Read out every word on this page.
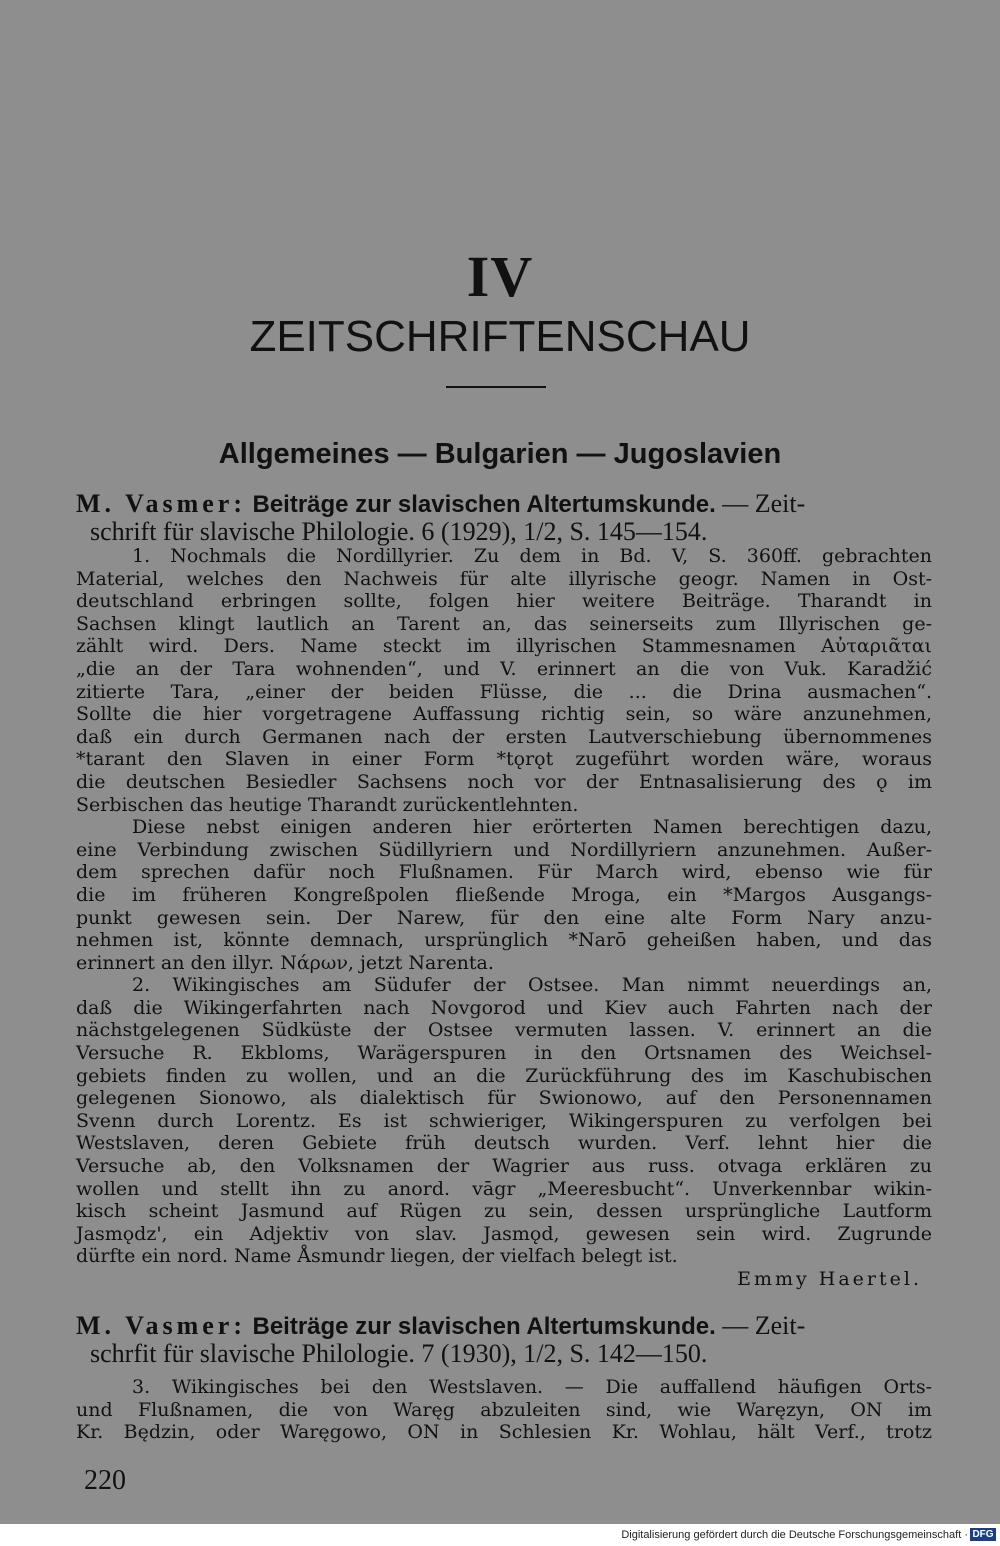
IV
ZEITSCHRIFTENSCHAU
Allgemeines — Bulgarien — Jugoslavien
M. Vasmer: Beiträge zur slavischen Altertumskunde. — Zeit-
schrift für slavische Philologie. 6 (1929), 1/2, S. 145—154.
1. Nochmals die Nordillyrier. Zu dem in Bd. V, S. 360ff. gebrachten
Material, welches den Nachweis für alte illyrische geogr. Namen in Ost-
deutschland erbringen sollte, folgen hier weitere Beiträge. Tharandt in
Sachsen klingt lautlich an Tarent an, das seinerseits zum Illyrischen ge-
zählt wird. Ders. Name steckt im illyrischen Stammesnamen Αὐταριᾶται
„die an der Tara wohnenden“, und V. erinnert an die von Vuk. Karadžić
zitierte Tara, „einer der beiden Flüsse, die ... die Drina ausmachen“.
Sollte die hier vorgetragene Auffassung richtig sein, so wäre anzunehmen,
daß ein durch Germanen nach der ersten Lautverschiebung übernommenes
*tarant den Slaven in einer Form *tǫrǫt zugeführt worden wäre, woraus
die deutschen Besiedler Sachsens noch vor der Entnasalisierung des ǫ im
Serbischen das heutige Tharandt zurückentlehnten.
Diese nebst einigen anderen hier erörterten Namen berechtigen dazu,
eine Verbindung zwischen Südillyriern und Nordillyriern anzunehmen. Außer-
dem sprechen dafür noch Flußnamen. Für March wird, ebenso wie für
die im früheren Kongreßpolen fließende Mroga, ein *Margos Ausgangs-
punkt gewesen sein. Der Narew, für den eine alte Form Nary anzu-
nehmen ist, könnte demnach, ursprünglich *Narō geheißen haben, und das
erinnert an den illyr. Νάρων, jetzt Narenta.
2. Wikingisches am Südufer der Ostsee. Man nimmt neuerdings an,
daß die Wikingerfahrten nach Novgorod und Kiev auch Fahrten nach der
nächstgelegenen Südküste der Ostsee vermuten lassen. V. erinnert an die
Versuche R. Ekbloms, Warägerspuren in den Ortsnamen des Weichsel-
gebiets finden zu wollen, und an die Zurückführung des im Kaschubischen
gelegenen Sionowo, als dialektisch für Swionowo, auf den Personennamen
Svenn durch Lorentz. Es ist schwieriger, Wikingerspuren zu verfolgen bei
Westslaven, deren Gebiete früh deutsch wurden. Verf. lehnt hier die
Versuche ab, den Volksnamen der Wagrier aus russ. otvaga erklären zu
wollen und stellt ihn zu anord. vāgr „Meeresbucht“. Unverkennbar wikin-
kisch scheint Jasmund auf Rügen zu sein, dessen ursprüngliche Lautform
Jasmǫdz', ein Adjektiv von slav. Jasmǫd, gewesen sein wird. Zugrunde
dürfte ein nord. Name Åsmundr liegen, der vielfach belegt ist.
Emmy Haertel.
M. Vasmer: Beiträge zur slavischen Altertumskunde. — Zeit-
schrfit für slavische Philologie. 7 (1930), 1/2, S. 142—150.
3. Wikingisches bei den Westslaven. — Die auffallend häufigen Orts-
und Flußnamen, die von Waręg abzuleiten sind, wie Waręzyn, ON im
Kr. Będzin, oder Waręgowo, ON in Schlesien Kr. Wohlau, hält Verf., trotz
220
Digitalisierung gefördert durch die Deutsche Forschungsgemeinschaft · DFG
